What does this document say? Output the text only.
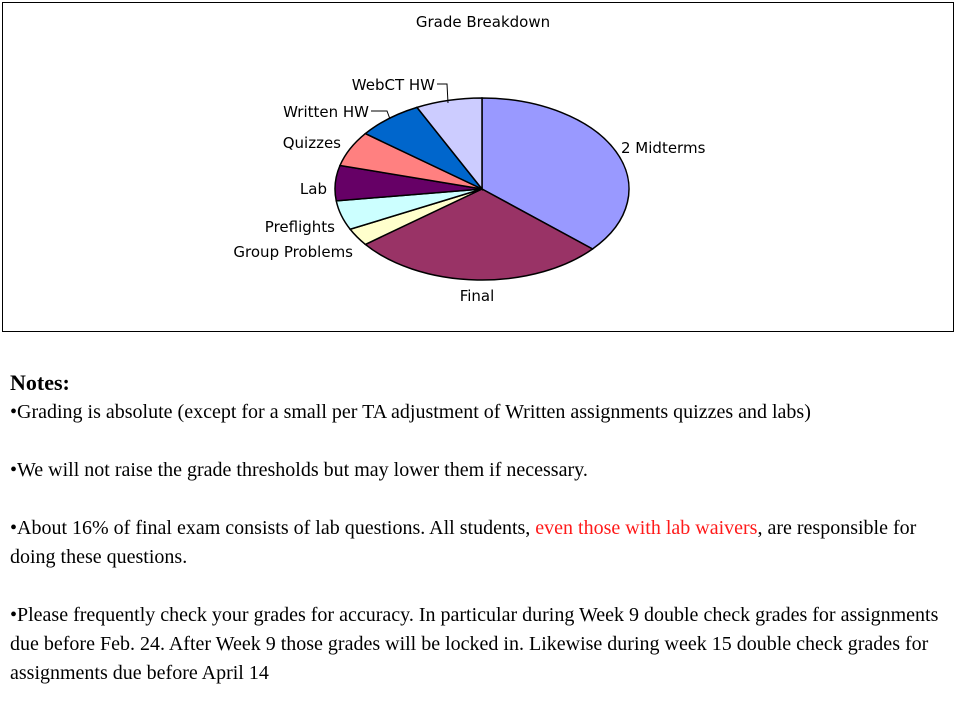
Grade Breakdown
2 Midterms
Final
Group Problems
Preflights
Lab
Quizzes
Written HW
WebCT HW
Notes:

•Grading is absolute (except for a small per TA adjustment of Written assignments quizzes and labs)

•We will not raise the grade thresholds but may lower them if necessary.

•About 16% of final exam consists of lab questions. All students, even those with lab waivers, are responsible for doing these questions.

•Please frequently check your grades for accuracy. In particular during Week 9 double check grades for assignments due before Feb. 24. After Week 9 those grades will be locked in. Likewise during week 15 double check grades for assignments due before April 14
